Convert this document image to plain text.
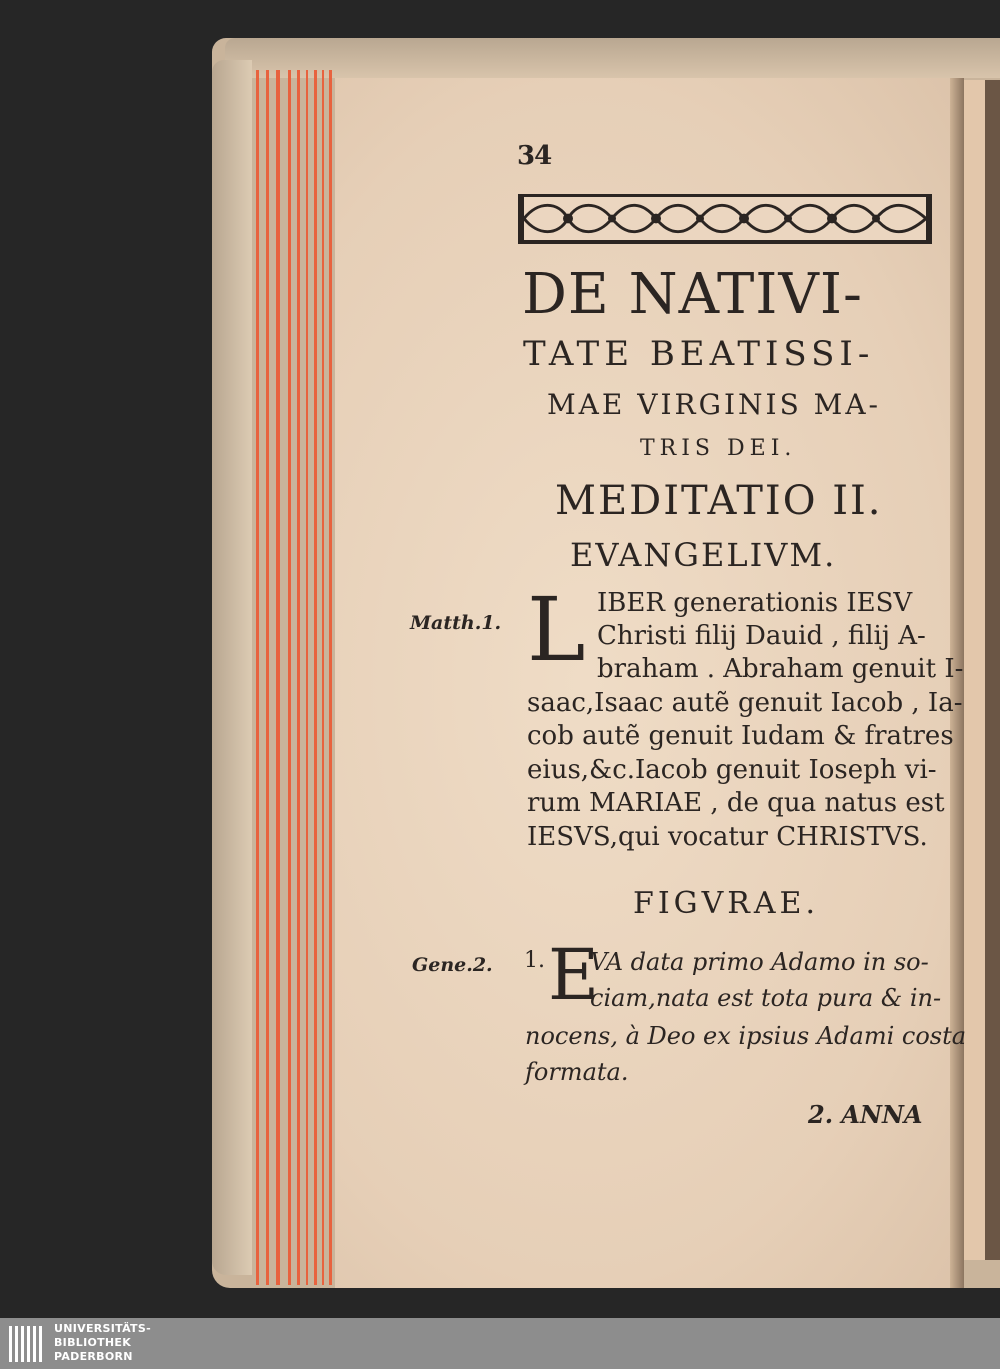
34
DE NATIVI-
TATE BEATISSI-
MAE VIRGINIS MA-
TRIS DEI.
MEDITATIO II.
EVANGELIVM.
Matth.1. L IBER generationis IESV
Christi filij Dauid , filij A-
braham . Abraham genuit I-
saac,Isaac autẽ genuit Iacob , Ia-
cob autẽ genuit Iudam & fratres
eius,&c.Iacob genuit Ioseph vi-
rum MARIAE , de qua natus est
IESVS,qui vocatur CHRISTVS.
FIGVRAE.
Gene.2. 1. E
VA data primo Adamo in so-
ciam,nata est tota pura & in-
nocens, à Deo ex ipsius Adami costa
formata.
2. ANNA
UNIVERSITÄTS-
BIBLIOTHEK
PADERBORN
